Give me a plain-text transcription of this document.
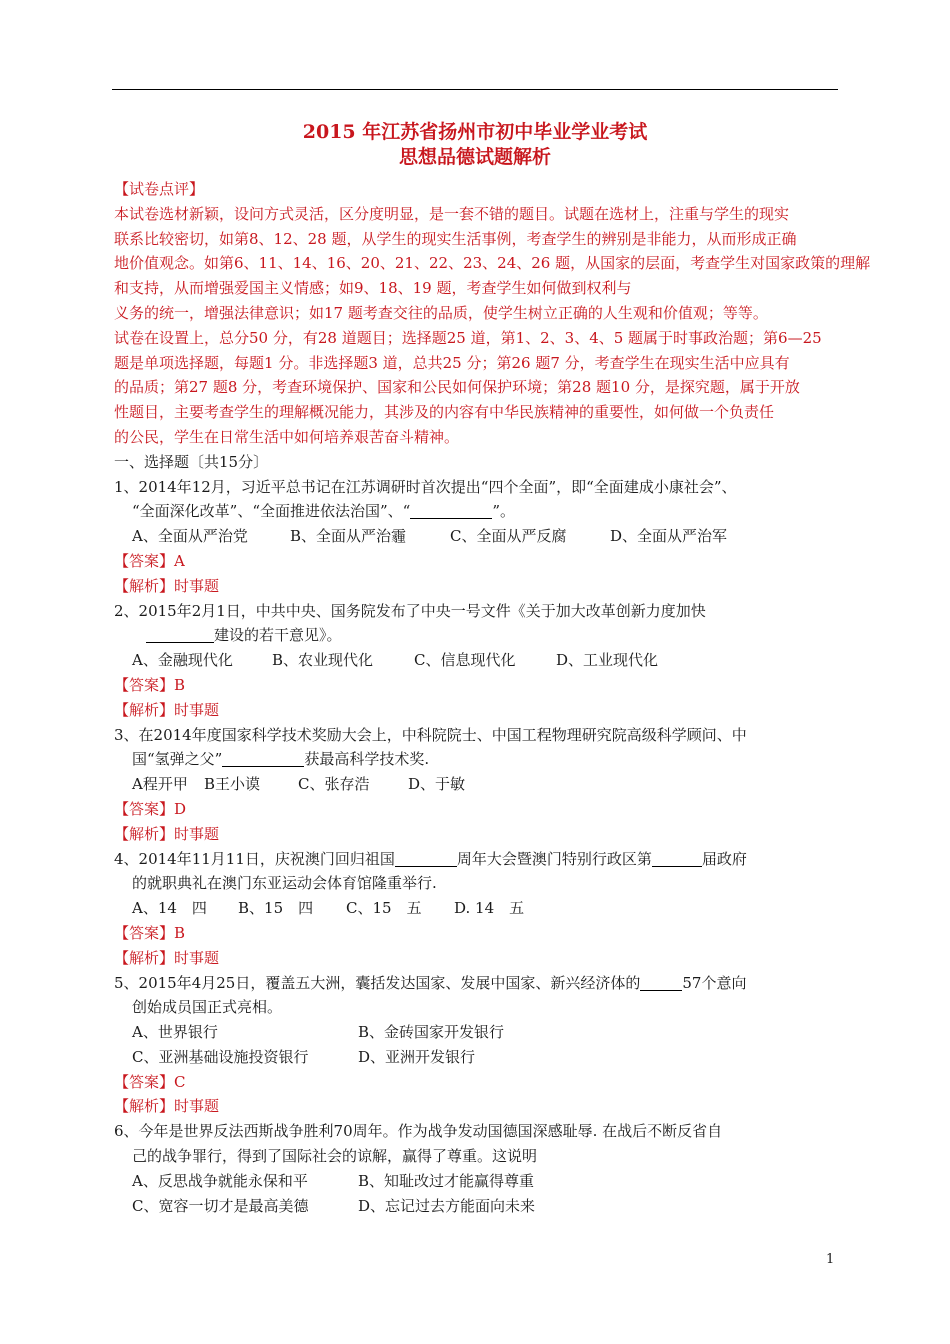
2015 年江苏省扬州市初中毕业学业考试
思想品德试题解析
【试卷点评】
本试卷选材新颖，设问方式灵活，区分度明显，是一套不错的题目。试题在选材上，注重与学生的现实
联系比较密切，如第8、12、28 题，从学生的现实生活事例，考查学生的辨别是非能力，从而形成正确
地价值观念。如第6、11、14、16、20、21、22、23、24、26 题，从国家的层面，考查学生对国家政策的理解
和支持，从而增强爱国主义情感；如9、18、19 题，考查学生如何做到权利与
义务的统一，增强法律意识；如17 题考查交往的品质，使学生树立正确的人生观和价值观；等等。
试卷在设置上，总分50 分，有28 道题目；选择题25 道，第1、2、3、4、5 题属于时事政治题；第6—25
题是单项选择题，每题1 分。非选择题3 道，总共25 分；第26 题7 分，考查学生在现实生活中应具有
的品质；第27 题8 分，考查环境保护、国家和公民如何保护环境；第28 题10 分，是探究题，属于开放
性题目，主要考查学生的理解概况能力，其涉及的内容有中华民族精神的重要性，如何做一个负责任
的公民，学生在日常生活中如何培养艰苦奋斗精神。
一、选择题〔共15分〕
1、2014年12月，习近平总书记在江苏调研时首次提出“四个全面”，即“全面建成小康社会”、
“全面深化改革”、“全面推进依法治国”、“	”。
A、全面从严治党	B、全面从严治霾	C、全面从严反腐	D、全面从严治军
【答案】A
【解析】时事题
2、2015年2月1日，中共中央、国务院发布了中央一号文件《关于加大改革创新力度加快
建设的若干意见》。
A、金融现代化	B、农业现代化	C、信息现代化	D、工业现代化
【答案】B
【解析】时事题
3、在2014年度国家科学技术奖励大会上，中科院院士、中国工程物理研究院高级科学顾问、中
国“氢弹之父”	获最高科学技术奖.
A程开甲 B王小谟	C、张存浩	D、于敏
【答案】D
【解析】时事题
4、2014年11月11日，庆祝澳门回归祖国	周年大会暨澳门特别行政区第	届政府
的就职典礼在澳门东亚运动会体育馆隆重举行.
A、14　四 B、15　四 C、15　五 D. 14　五
【答案】B
【解析】时事题
5、2015年4月25日，覆盖五大洲，囊括发达国家、发展中国家、新兴经济体的	57个意向
创始成员国正式亮相。
A、世界银行	B、金砖国家开发银行
C、亚洲基础设施投资银行	D、亚洲开发银行
【答案】C
【解析】时事题
6、今年是世界反法西斯战争胜利70周年。作为战争发动国德国深感耻辱. 在战后不断反省自
己的战争罪行，得到了国际社会的谅解，赢得了尊重。这说明
A、反思战争就能永保和平	B、知耻改过才能赢得尊重
C、宽容一切才是最高美德	D、忘记过去方能面向未来
1
